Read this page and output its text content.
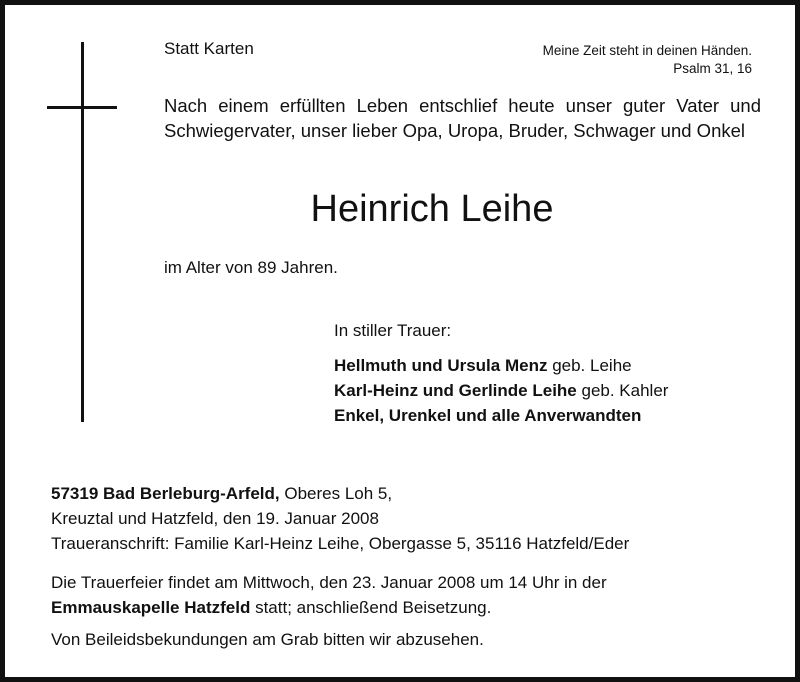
Statt Karten	Meine Zeit steht in deinen Händen.
Psalm 31, 16
Nach einem erfüllten Leben entschlief heute unser guter Vater und Schwiegervater, unser lieber Opa, Uropa, Bruder, Schwager und Onkel
Heinrich Leihe
im Alter von 89 Jahren.
In stiller Trauer:
Hellmuth und Ursula Menz geb. Leihe
Karl-Heinz und Gerlinde Leihe geb. Kahler
Enkel, Urenkel und alle Anverwandten
57319 Bad Berleburg-Arfeld, Oberes Loh 5,
Kreuztal und Hatzfeld, den 19. Januar 2008
Traueranschrift: Familie Karl-Heinz Leihe, Obergasse 5, 35116 Hatzfeld/Eder
Die Trauerfeier findet am Mittwoch, den 23. Januar 2008 um 14 Uhr in der
Emmauskapelle Hatzfeld statt; anschließend Beisetzung.
Von Beileidsbekundungen am Grab bitten wir abzusehen.
